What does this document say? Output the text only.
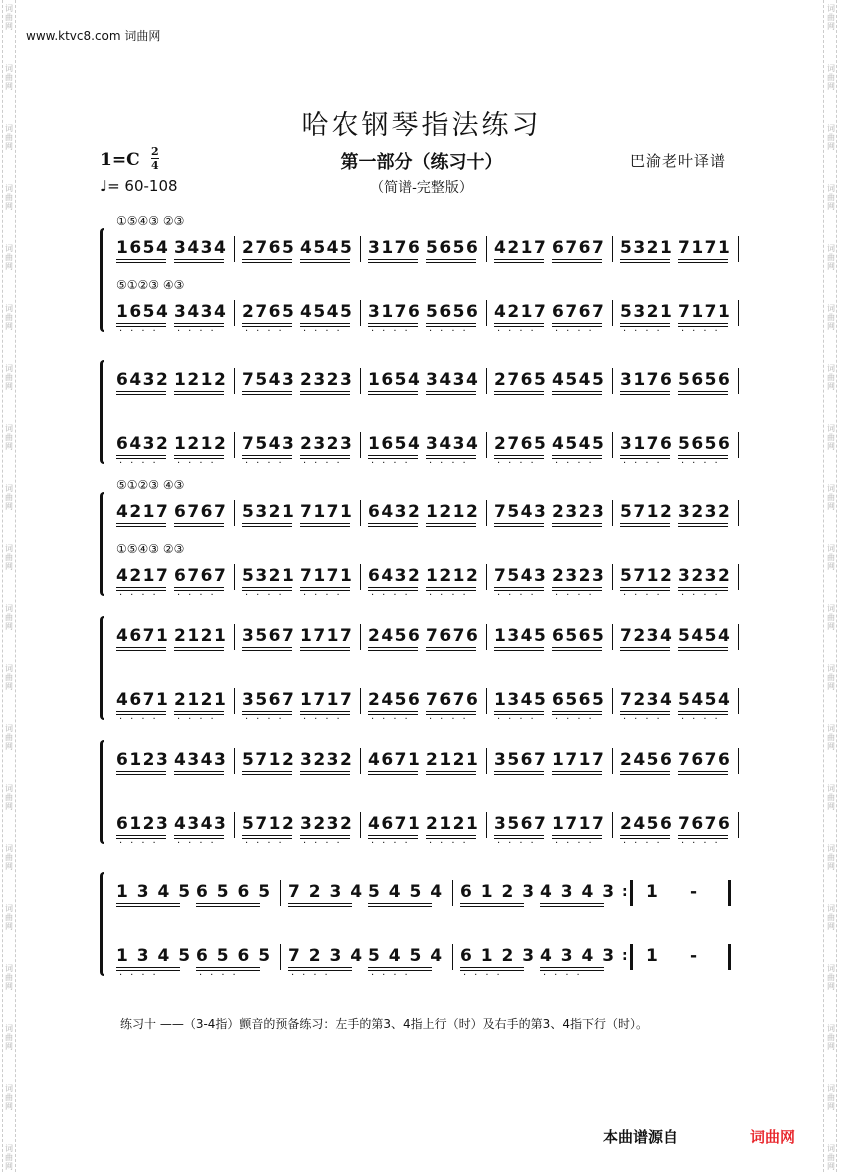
词
曲
网
词
曲
网
词
曲
网
词
曲
网
词
曲
网
词
曲
网
词
曲
网
词
曲
网
词
曲
网
词
曲
网
词
曲
网
词
曲
网
词
曲
网
词
曲
网
词
曲
网
词
曲
网
词
曲
网
词
曲
网
词
曲
网
词
曲
网
词
曲
网
词
曲
网
词
曲
网
词
曲
网
词
曲
网
词
曲
网
词
曲
网
词
曲
网
词
曲
网
词
曲
网
词
曲
网
词
曲
网
词
曲
网
词
曲
网
词
曲
网
词
曲
网
词
曲
网
词
曲
网
词
曲
网
词
曲
网
www.ktvc8.com 词曲网
哈农钢琴指法练习
1=C 2
4
♩= 60-108
第一部分（练习十）
（简谱-完整版）
巴渝老叶译谱
①⑤④③ ②③
1654 3434 2765 4545 3176 5656 4217 6767 5321 7171
⑤①②③ ④③
1654
····
3434
····
2765
····
4545
····
3176
····
5656
····
4217
····
6767
····
5321
····
7171
····
6432 1212 7543 2323 1654 3434 2765 4545 3176 5656
6432
····
1212
····
7543
····
2323
····
1654
····
3434
····
2765
····
4545
····
3176
····
5656
····
⑤①②③ ④③
4217 6767 5321 7171 6432 1212 7543 2323 5712 3232
①⑤④③ ②③
4217
····
6767
····
5321
····
7171
····
6432
····
1212
····
7543
····
2323
····
5712
····
3232
····
4671 2121 3567 1717 2456 7676 1345 6565 7234 5454
4671
····
2121
····
3567
····
1717
····
2456
····
7676
····
1345
····
6565
····
7234
····
5454
····
6123 4343 5712 3232 4671 2121 3567 1717 2456 7676
6123
····
4343
····
5712
····
3232
····
4671
····
2121
····
3567
····
1717
····
2456
····
7676
····
1 3 4 5 6 5 6 5 7 2 3 4 5 4 5 4 6 1 2 3 4 3 4 3 : 1 -
1 3 4 5
····
6 5 6 5
····
7 2 3 4
····
5 4 5 4
····
6 1 2 3
····
4 3 4 3
····
: 1 -
练习十 ——（3-4指）颤音的预备练习：左手的第3、4指上行（时）及右手的第3、4指下行（时）。
本曲谱源自	词曲网
